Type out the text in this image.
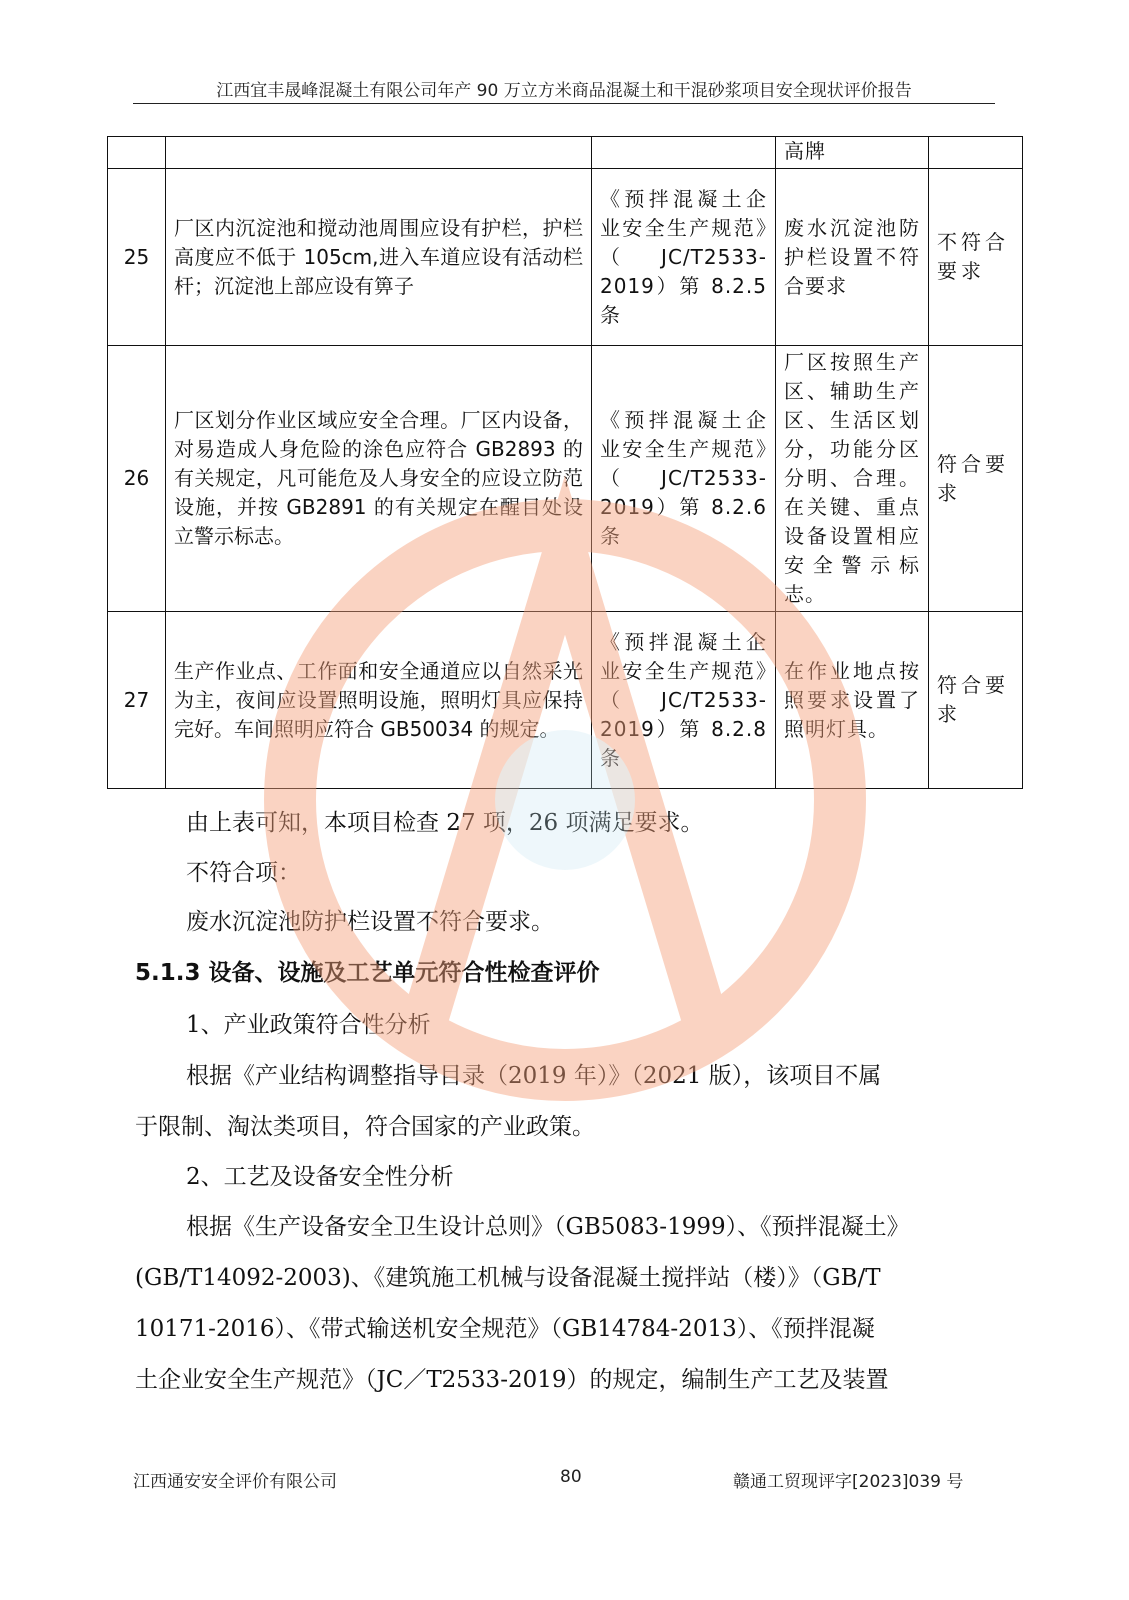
江西宜丰晟峰混凝土有限公司年产 90 万立方米商品混凝土和干混砂浆项目安全现状评价报告
			高牌	
25	厂区内沉淀池和搅动池周围应设有护栏，护栏高度应不低于 105cm,进入车道应设有活动栏杆；沉淀池上部应设有箅子	《预拌混凝土企业安全生产规范》（JC/T2533-2019）第 8.2.5 条	废水沉淀池防护栏设置不符合要求	不符合要求
26	厂区划分作业区域应安全合理。厂区内设备，对易造成人身危险的涂色应符合 GB2893 的有关规定，凡可能危及人身安全的应设立防范设施，并按 GB2891 的有关规定在醒目处设立警示标志。	《预拌混凝土企业安全生产规范》（JC/T2533-2019）第 8.2.6 条	厂区按照生产区、辅助生产区、生活区划分，功能分区分明、合理。在关键、重点设备设置相应安全警示标志。	符合要求
27	生产作业点、工作面和安全通道应以自然采光为主，夜间应设置照明设施，照明灯具应保持完好。车间照明应符合 GB50034 的规定。	《预拌混凝土企业安全生产规范》（JC/T2533-2019）第 8.2.8 条	在作业地点按照要求设置了照明灯具。	符合要求
由上表可知，本项目检查 27 项，26 项满足要求。
不符合项：
废水沉淀池防护栏设置不符合要求。
5.1.3 设备、设施及工艺单元符合性检查评价
1、产业政策符合性分析
根据《产业结构调整指导目录（2019 年）》（2021 版），该项目不属
于限制、淘汰类项目，符合国家的产业政策。
2、工艺及设备安全性分析
根据《生产设备安全卫生设计总则》（GB5083-1999）、《预拌混凝土》
(GB/T14092-2003)、《建筑施工机械与设备混凝土搅拌站（楼）》（GB/T
10171-2016）、《带式输送机安全规范》（GB14784-2013）、《预拌混凝
土企业安全生产规范》（JC／T2533-2019）的规定，编制生产工艺及装置
江西通安安全评价有限公司	80	赣通工贸现评字[2023]039 号
